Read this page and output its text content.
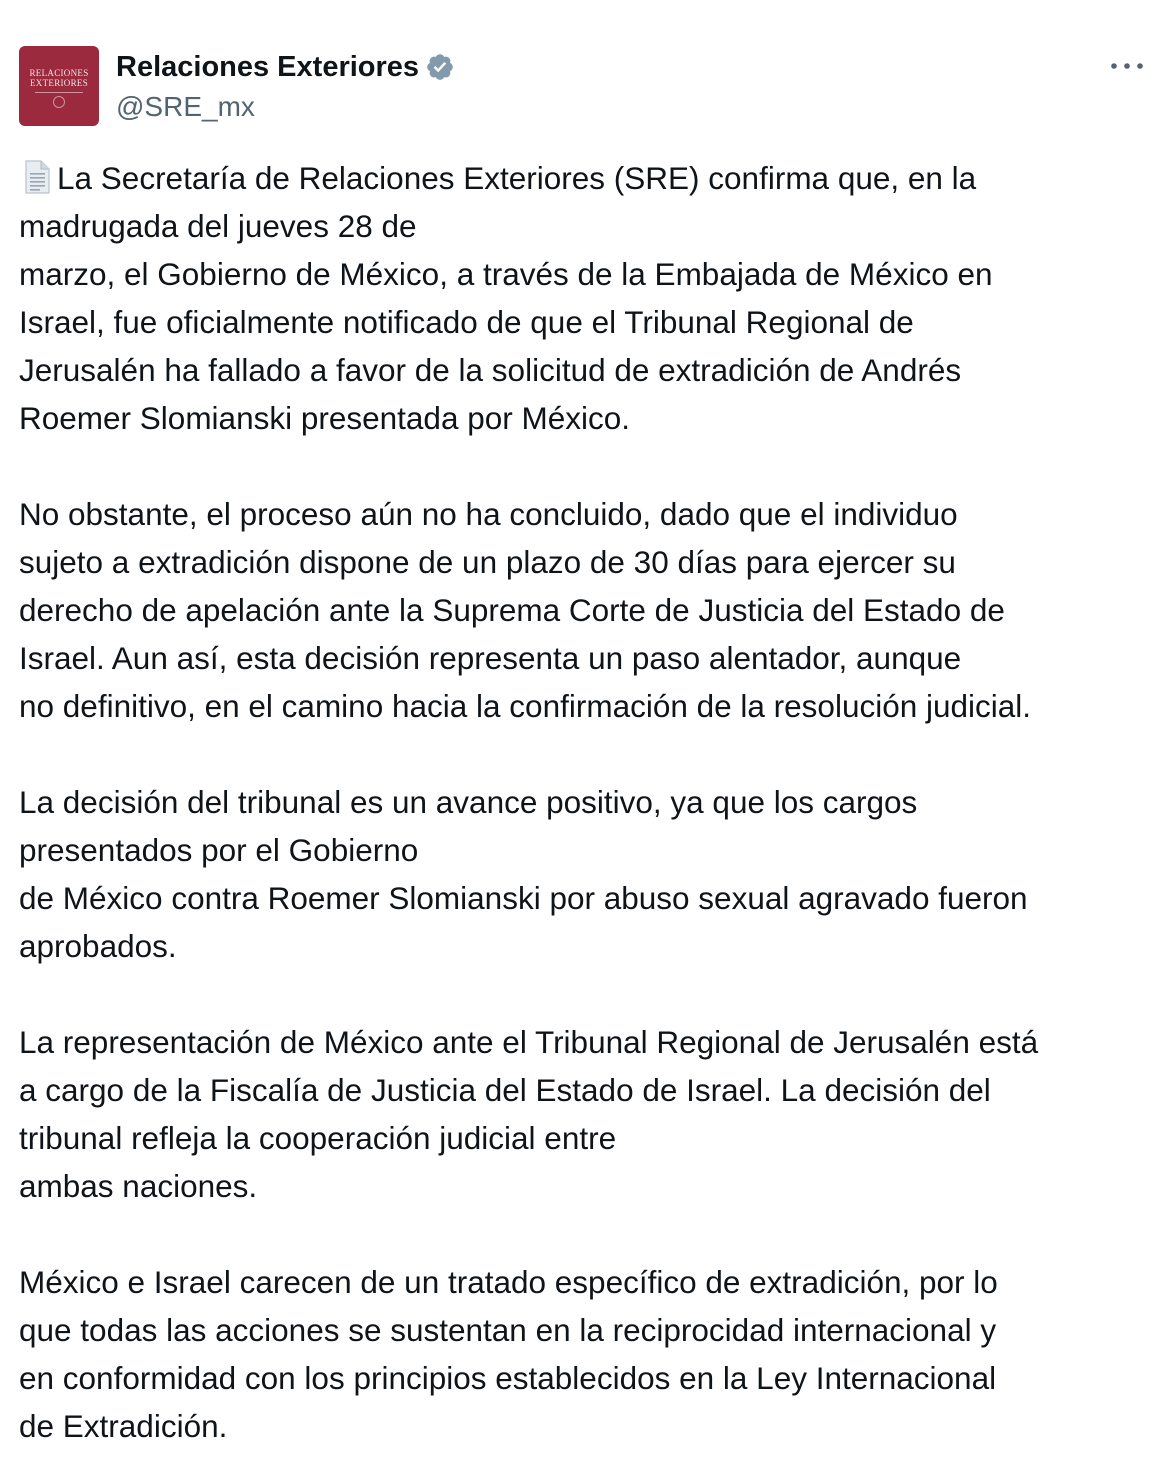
RELACIONES
EXTERIORES Relaciones Exteriores
@SRE_mx

La Secretaría de Relaciones Exteriores (SRE) confirma que, en la
madrugada del jueves 28 de
marzo, el Gobierno de México, a través de la Embajada de México en
Israel, fue oficialmente notificado de que el Tribunal Regional de
Jerusalén ha fallado a favor de la solicitud de extradición de Andrés
Roemer Slomianski presentada por México.

No obstante, el proceso aún no ha concluido, dado que el individuo
sujeto a extradición dispone de un plazo de 30 días para ejercer su
derecho de apelación ante la Suprema Corte de Justicia del Estado de
Israel. Aun así, esta decisión representa un paso alentador, aunque
no definitivo, en el camino hacia la confirmación de la resolución judicial.

La decisión del tribunal es un avance positivo, ya que los cargos
presentados por el Gobierno
de México contra Roemer Slomianski por abuso sexual agravado fueron
aprobados.

La representación de México ante el Tribunal Regional de Jerusalén está
a cargo de la Fiscalía de Justicia del Estado de Israel. La decisión del
tribunal refleja la cooperación judicial entre
ambas naciones.

México e Israel carecen de un tratado específico de extradición, por lo
que todas las acciones se sustentan en la reciprocidad internacional y
en conformidad con los principios establecidos en la Ley Internacional
de Extradición.
